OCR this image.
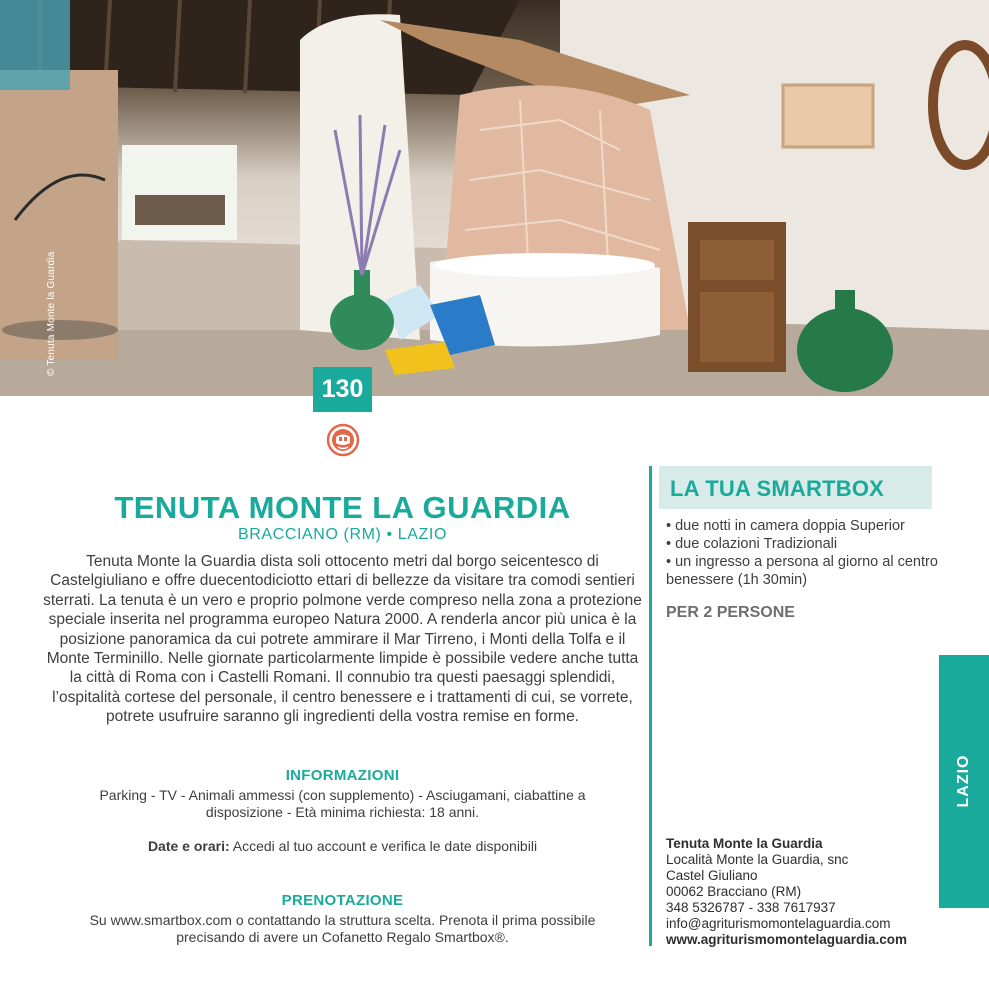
© Tenuta Monte la Guardia
130
TENUTA MONTE LA GUARDIA
BRACCIANO (RM) • LAZIO
Tenuta Monte la Guardia dista soli ottocento metri dal borgo seicentesco di Castelgiuliano e offre duecentodiciotto ettari di bellezze da visitare tra comodi sentieri sterrati. La tenuta è un vero e proprio polmone verde compreso nella zona a protezione speciale inserita nel programma europeo Natura 2000. A renderla ancor più unica è la posizione panoramica da cui potrete ammirare il Mar Tirreno, i Monti della Tolfa e il Monte Terminillo. Nelle giornate particolarmente limpide è possibile vedere anche tutta la città di Roma con i Castelli Romani. Il connubio tra questi paesaggi splendidi, l’ospitalità cortese del personale, il centro benessere e i trattamenti di cui, se vorrete, potrete usufruire saranno gli ingredienti della vostra remise en forme.
INFORMAZIONI
Parking - TV - Animali ammessi (con supplemento) - Asciugamani, ciabattine a disposizione - Età minima richiesta: 18 anni.
Date e orari: Accedi al tuo account e verifica le date disponibili
PRENOTAZIONE
Su www.smartbox.com o contattando la struttura scelta. Prenota il prima possibile precisando di avere un Cofanetto Regalo Smartbox®.
LA TUA SMARTBOX
• due notti in camera doppia Superior
• due colazioni Tradizionali
• un ingresso a persona al giorno al centro benessere (1h 30min)
PER 2 PERSONE
Tenuta Monte la Guardia
Località Monte la Guardia, snc
Castel Giuliano
00062 Bracciano (RM)
348 5326787 - 338 7617937
info@agriturismomontelaguardia.com
www.agriturismomontelaguardia.com
LAZIO
